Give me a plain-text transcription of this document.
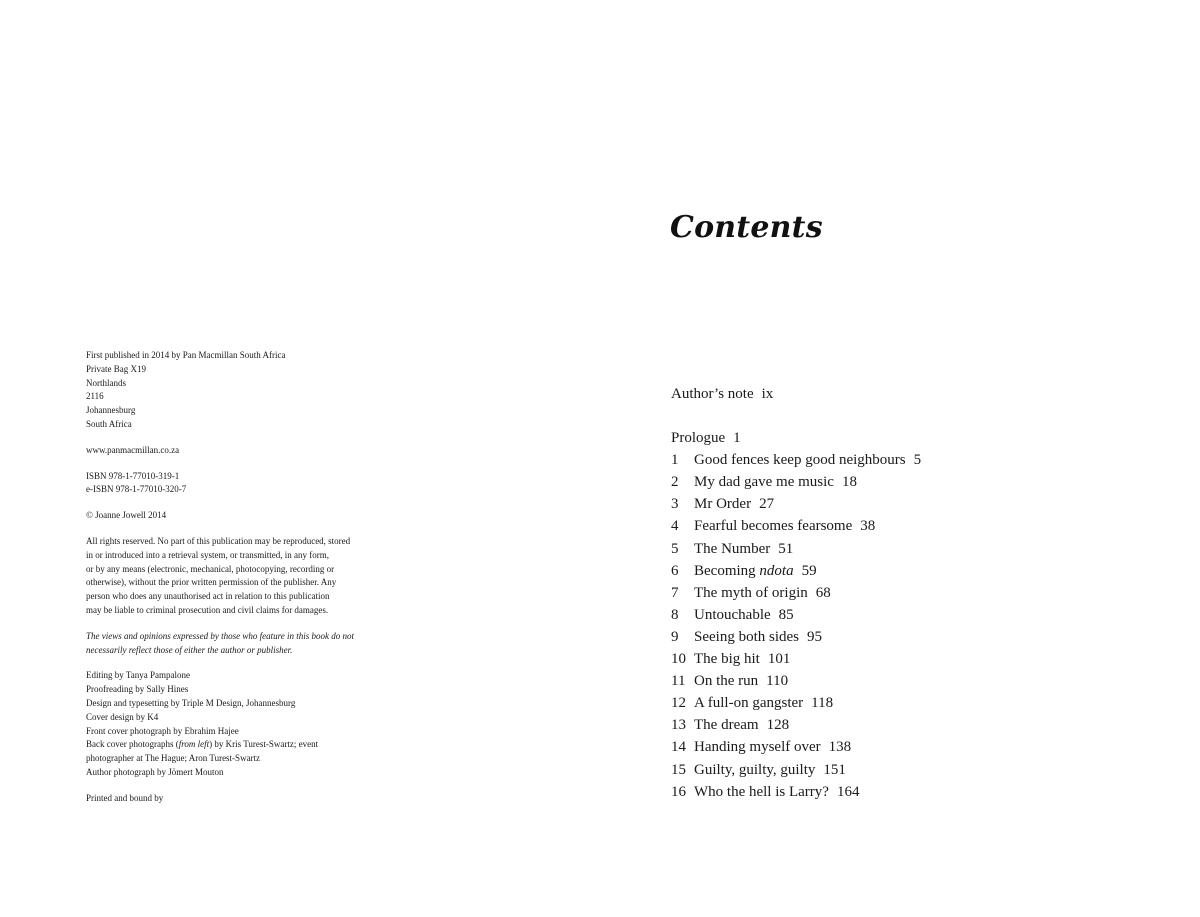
First published in 2014 by Pan Macmillan South Africa
Private Bag X19
Northlands
2116
Johannesburg
South Africa
www.panmacmillan.co.za
ISBN 978-1-77010-319-1
e-ISBN 978-1-77010-320-7
© Joanne Jowell 2014
All rights reserved. No part of this publication may be reproduced, stored
in or introduced into a retrieval system, or transmitted, in any form,
or by any means (electronic, mechanical, photocopying, recording or
otherwise), without the prior written permission of the publisher. Any
person who does any unauthorised act in relation to this publication
may be liable to criminal prosecution and civil claims for damages.
The views and opinions expressed by those who feature in this book do not
necessarily reflect those of either the author or publisher.
Editing by Tanya Pampalone
Proofreading by Sally Hines
Design and typesetting by Triple M Design, Johannesburg
Cover design by K4
Front cover photograph by Ebrahim Hajee
Back cover photographs (from left) by Kris Turest-Swartz; event
photographer at The Hague; Aron Turest-Swartz
Author photograph by Jömert Mouton
Printed and bound by
Contents
Author’s note ix
Prologue 1
1 Good fences keep good neighbours 5
2 My dad gave me music 18
3 Mr Order 27
4 Fearful becomes fearsome 38
5 The Number 51
6 Becoming ndota 59
7 The myth of origin 68
8 Untouchable 85
9 Seeing both sides 95
10 The big hit 101
11 On the run 110
12 A full-on gangster 118
13 The dream 128
14 Handing myself over 138
15 Guilty, guilty, guilty 151
16 Who the hell is Larry? 164
